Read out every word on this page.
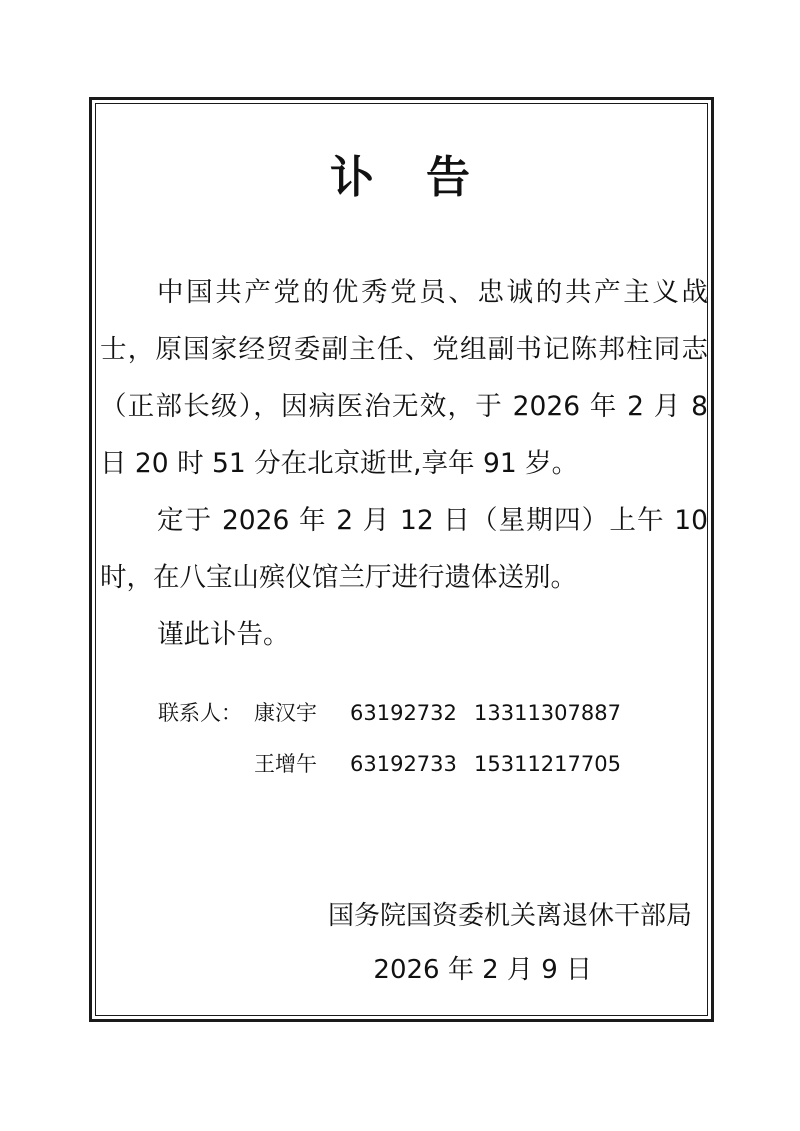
讣告

中国共产党的优秀党员、忠诚的共产主义战士，原国家经贸委副主任、党组副书记陈邦柱同志（正部长级），因病医治无效，于 2026 年 2 月 8 日 20 时 51 分在北京逝世,享年 91 岁。

定于 2026 年 2 月 12 日（星期四）上午 10 时，在八宝山殡仪馆兰厅进行遗体送别。

谨此讣告。

联系人： 康汉宇 63192732 13311307887
王增午 63192733 15311217705
国务院国资委机关离退休干部局
2026 年 2 月 9 日
